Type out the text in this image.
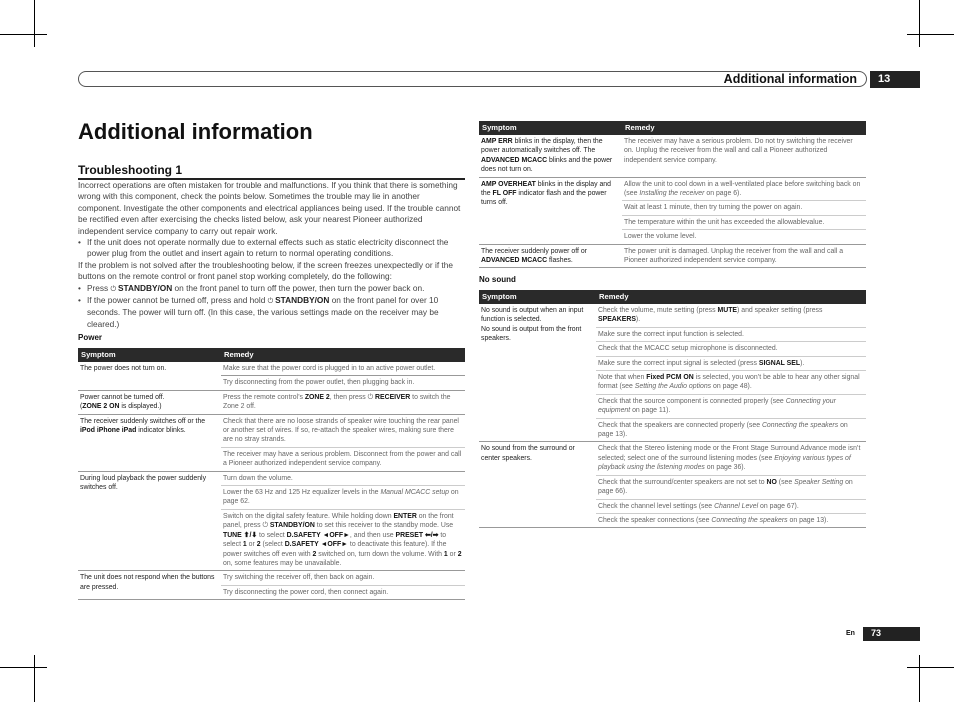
Additional information	13
Additional information
Troubleshooting 1

Incorrect operations are often mistaken for trouble and malfunctions. If you think that there is something wrong with this component, check the points below. Sometimes the trouble may lie in another component. Investigate the other components and electrical appliances being used. If the trouble cannot be rectified even after exercising the checks listed below, ask your nearest Pioneer authorized independent service company to carry out repair work.

• If the unit does not operate normally due to external effects such as static electricity disconnect the power plug from the outlet and insert again to return to normal operating conditions.

If the problem is not solved after the troubleshooting below, if the screen freezes unexpectedly or if the buttons on the remote control or front panel stop working completely, do the following:

• Press ⏻ STANDBY/ON on the front panel to turn off the power, then turn the power back on.
• If the power cannot be turned off, press and hold ⏻ STANDBY/ON on the front panel for over 10 seconds. The power will turn off. (In this case, the various settings made on the receiver may be cleared.)
Power
Symptom	Remedy
The power does not turn on.	Make sure that the power cord is plugged in to an active power outlet.
	Try disconnecting from the power outlet, then plugging back in.
Power cannot be turned off.
(ZONE 2 ON is displayed.)	Press the remote control’s ZONE 2, then press ⏻ RECEIVER to switch the Zone 2 off.
The receiver suddenly switches off or the iPod iPhone iPad indicator blinks.	Check that there are no loose strands of speaker wire touching the rear panel or another set of wires. If so, re-attach the speaker wires, making sure there are no stray strands.
	The receiver may have a serious problem. Disconnect from the power and call a Pioneer authorized independent service company.
During loud playback the power suddenly switches off.	Turn down the volume.
	Lower the 63 Hz and 125 Hz equalizer levels in the Manual MCACC setup on page 62.
	Switch on the digital safety feature. While holding down ENTER on the front panel, press ⏻ STANDBY/ON to set this receiver to the standby mode. Use TUNE ⬆/⬇ to select D.SAFETY ◄OFF►, and then use PRESET ⬅/➡ to select 1 or 2 (select D.SAFETY ◄OFF► to deactivate this feature). If the power switches off even with 2 switched on, turn down the volume. With 1 or 2 on, some features may be unavailable.
The unit does not respond when the buttons are pressed.	Try switching the receiver off, then back on again.
	Try disconnecting the power cord, then connect again.
Symptom	Remedy
AMP ERR blinks in the display, then the power automatically switches off. The ADVANCED MCACC blinks and the power does not turn on.	The receiver may have a serious problem. Do not try switching the receiver on. Unplug the receiver from the wall and call a Pioneer authorized independent service company.
AMP OVERHEAT blinks in the display and the FL OFF indicator flash and the power turns off.	Allow the unit to cool down in a well-ventilated place before switching back on (see Installing the receiver on page 6).
	Wait at least 1 minute, then try turning the power on again.
	The temperature within the unit has exceeded the allowablevalue.
	Lower the volume level.
The receiver suddenly power off or ADVANCED MCACC flashes.	The power unit is damaged. Unplug the receiver from the wall and call a Pioneer authorized independent service company.
No sound
Symptom	Remedy
No sound is output when an input function is selected.
No sound is output from the front speakers.	Check the volume, mute setting (press MUTE) and speaker setting (press SPEAKERS).
	Make sure the correct input function is selected.
	Check that the MCACC setup microphone is disconnected.
	Make sure the correct input signal is selected (press SIGNAL SEL).
	Note that when Fixed PCM ON is selected, you won’t be able to hear any other signal format (see Setting the Audio options on page 48).
	Check that the source component is connected properly (see Connecting your equipment on page 11).
	Check that the speakers are connected properly (see Connecting the speakers on page 13).
No sound from the surround or center speakers.	Check that the Stereo listening mode or the Front Stage Surround Advance mode isn’t selected; select one of the surround listening modes (see Enjoying various types of playback using the listening modes on page 36).
	Check that the surround/center speakers are not set to NO (see Speaker Setting on page 66).
	Check the channel level settings (see Channel Level on page 67).
	Check the speaker connections (see Connecting the speakers on page 13).
En	73
